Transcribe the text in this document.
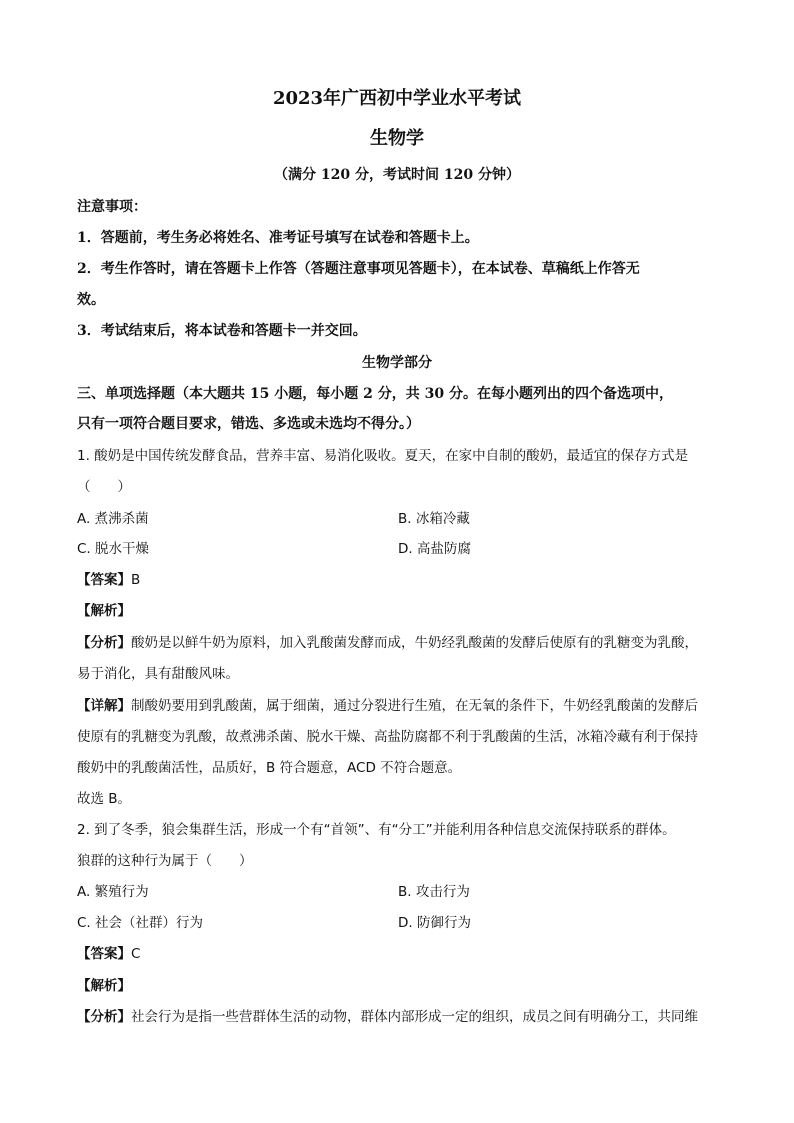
2023年广西初中学业水平考试
生物学
（满分 120 分，考试时间 120 分钟）
注意事项：
1．答题前，考生务必将姓名、准考证号填写在试卷和答题卡上。
2．考生作答时，请在答题卡上作答（答题注意事项见答题卡），在本试卷、草稿纸上作答无
效。
3．考试结束后，将本试卷和答题卡一并交回。
生物学部分
三、单项选择题（本大题共 15 小题，每小题 2 分，共 30 分。在每小题列出的四个备选项中，
只有一项符合题目要求，错选、多选或未选均不得分。）
1. 酸奶是中国传统发酵食品，营养丰富、易消化吸收。夏天，在家中自制的酸奶，最适宜的保存方式是
（　　）
A. 煮沸杀菌	B. 冰箱冷藏
C. 脱水干燥	D. 高盐防腐
【答案】B
【解析】
【分析】酸奶是以鲜牛奶为原料，加入乳酸菌发酵而成，牛奶经乳酸菌的发酵后使原有的乳糖变为乳酸，
易于消化，具有甜酸风味。
【详解】制酸奶要用到乳酸菌，属于细菌，通过分裂进行生殖，在无氧的条件下，牛奶经乳酸菌的发酵后
使原有的乳糖变为乳酸，故煮沸杀菌、脱水干燥、高盐防腐都不利于乳酸菌的生活，冰箱冷藏有利于保持
酸奶中的乳酸菌活性，品质好，B 符合题意，ACD 不符合题意。
故选 B。
2. 到了冬季，狼会集群生活，形成一个有“首领”、有“分工”并能利用各种信息交流保持联系的群体。
狼群的这种行为属于（　　）
A. 繁殖行为	B. 攻击行为
C. 社会（社群）行为	D. 防御行为
【答案】C
【解析】
【分析】社会行为是指一些营群体生活的动物，群体内部形成一定的组织，成员之间有明确分工，共同维
